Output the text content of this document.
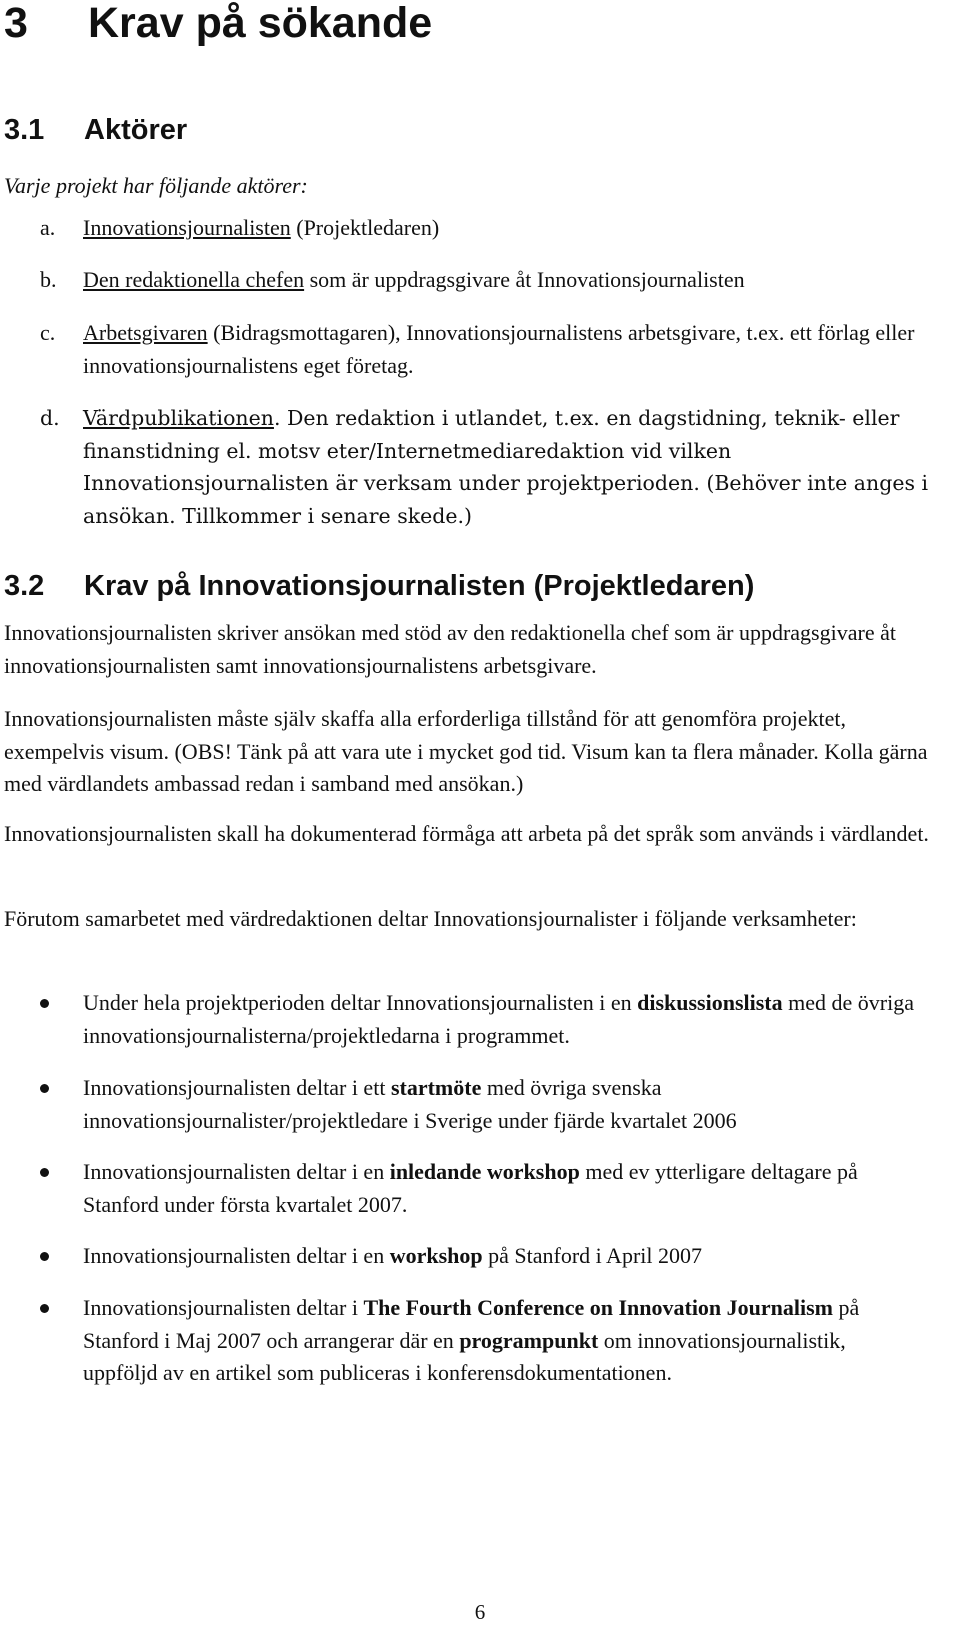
3 Krav på sökande
3.1 Aktörer
Varje projekt har följande aktörer:
a. Innovationsjournalisten (Projektledaren)
b. Den redaktionella chefen som är uppdragsgivare åt Innovationsjournalisten
c. Arbetsgivaren (Bidragsmottagaren), Innovationsjournalistens arbetsgivare, t.ex. ett förlag eller innovationsjournalistens eget företag.
d. Värdpublikationen. Den redaktion i utlandet, t.ex. en dagstidning, teknik- eller finanstidning el. motsv eter/Internetmediaredaktion vid vilken Innovationsjournalisten är verksam under projektperioden. (Behöver inte anges i ansökan. Tillkommer i senare skede.)
3.2 Krav på Innovationsjournalisten (Projektledaren)
Innovationsjournalisten skriver ansökan med stöd av den redaktionella chef som är uppdragsgivare åt innovationsjournalisten samt innovationsjournalistens arbetsgivare.
Innovationsjournalisten måste själv skaffa alla erforderliga tillstånd för att genomföra projektet, exempelvis visum. (OBS! Tänk på att vara ute i mycket god tid. Visum kan ta flera månader. Kolla gärna med värdlandets ambassad redan i samband med ansökan.)
Innovationsjournalisten skall ha dokumenterad förmåga att arbeta på det språk som används i värdlandet.
Förutom samarbetet med värdredaktionen deltar Innovationsjournalister i följande verksamheter:
Under hela projektperioden deltar Innovationsjournalisten i en diskussionslista med de övriga innovationsjournalisterna/projektledarna i programmet.
Innovationsjournalisten deltar i ett startmöte med övriga svenska innovationsjournalister/projektledare i Sverige under fjärde kvartalet 2006
Innovationsjournalisten deltar i en inledande workshop med ev ytterligare deltagare på Stanford under första kvartalet 2007.
Innovationsjournalisten deltar i en workshop på Stanford i April 2007
Innovationsjournalisten deltar i The Fourth Conference on Innovation Journalism på Stanford i Maj 2007 och arrangerar där en programpunkt om innovationsjournalistik, uppföljd av en artikel som publiceras i konferensdokumentationen.
6
